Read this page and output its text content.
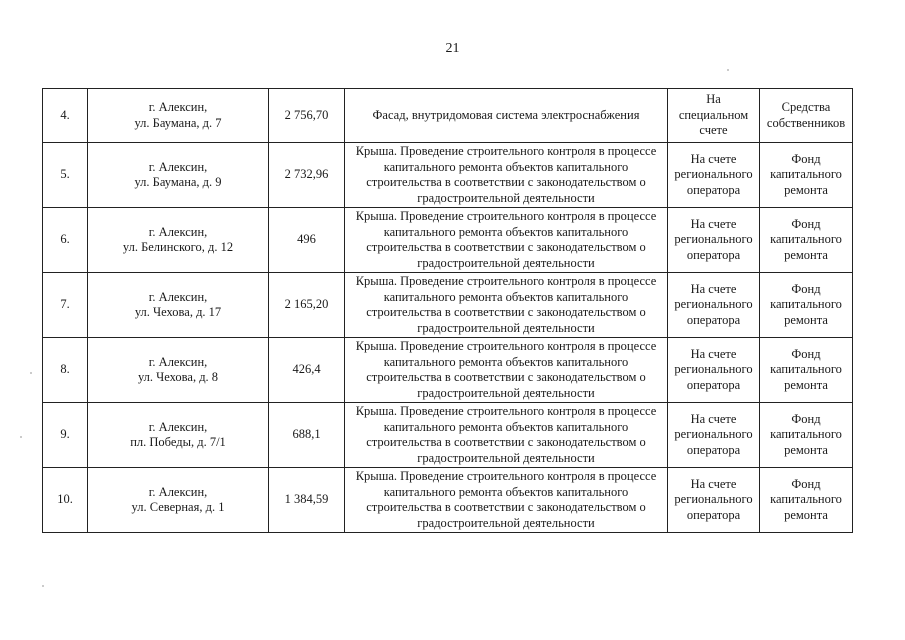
21
4.	г. Алексин,
ул. Баумана, д. 7	2 756,70	Фасад, внутридомовая система электроснабжения	На специальном счете	Средства собственников
5.	г. Алексин,
ул. Баумана, д. 9	2 732,96	Крыша. Проведение строительного контроля в процессе капитального ремонта объектов капитального строительства в соответствии с законодательством о градостроительной деятельности	На счете регионального оператора	Фонд капитального ремонта
6.	г. Алексин,
ул. Белинского, д. 12	496	Крыша. Проведение строительного контроля в процессе капитального ремонта объектов капитального строительства в соответствии с законодательством о градостроительной деятельности	На счете регионального оператора	Фонд капитального ремонта
7.	г. Алексин,
ул. Чехова, д. 17	2 165,20	Крыша. Проведение строительного контроля в процессе капитального ремонта объектов капитального строительства в соответствии с законодательством о градостроительной деятельности	На счете регионального оператора	Фонд капитального ремонта
8.	г. Алексин,
ул. Чехова, д. 8	426,4	Крыша. Проведение строительного контроля в процессе капитального ремонта объектов капитального строительства в соответствии с законодательством о градостроительной деятельности	На счете регионального оператора	Фонд капитального ремонта
9.	г. Алексин,
пл. Победы, д. 7/1	688,1	Крыша. Проведение строительного контроля в процессе капитального ремонта объектов капитального строительства в соответствии с законодательством о градостроительной деятельности	На счете регионального оператора	Фонд капитального ремонта
10.	г. Алексин,
ул. Северная, д. 1	1 384,59	Крыша. Проведение строительного контроля в процессе капитального ремонта объектов капитального строительства в соответствии с законодательством о градостроительной деятельности	На счете регионального оператора	Фонд капитального ремонта
